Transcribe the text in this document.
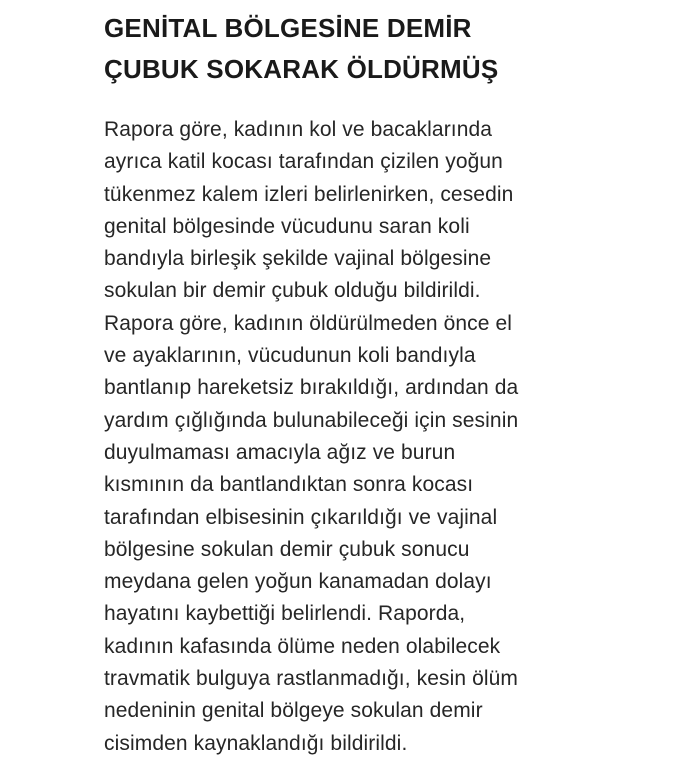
GENİTAL BÖLGESİNE DEMİR
ÇUBUK SOKARAK ÖLDÜRMÜŞ

Rapora göre, kadının kol ve bacaklarında
ayrıca katil kocası tarafından çizilen yoğun
tükenmez kalem izleri belirlenirken, cesedin
genital bölgesinde vücudunu saran koli
bandıyla birleşik şekilde vajinal bölgesine
sokulan bir demir çubuk olduğu bildirildi.
Rapora göre, kadının öldürülmeden önce el
ve ayaklarının, vücudunun koli bandıyla
bantlanıp hareketsiz bırakıldığı, ardından da
yardım çığlığında bulunabileceği için sesinin
duyulmaması amacıyla ağız ve burun
kısmının da bantlandıktan sonra kocası
tarafından elbisesinin çıkarıldığı ve vajinal
bölgesine sokulan demir çubuk sonucu
meydana gelen yoğun kanamadan dolayı
hayatını kaybettiği belirlendi. Raporda,
kadının kafasında ölüme neden olabilecek
travmatik bulguya rastlanmadığı, kesin ölüm
nedeninin genital bölgeye sokulan demir
cisimden kaynaklandığı bildirildi.
